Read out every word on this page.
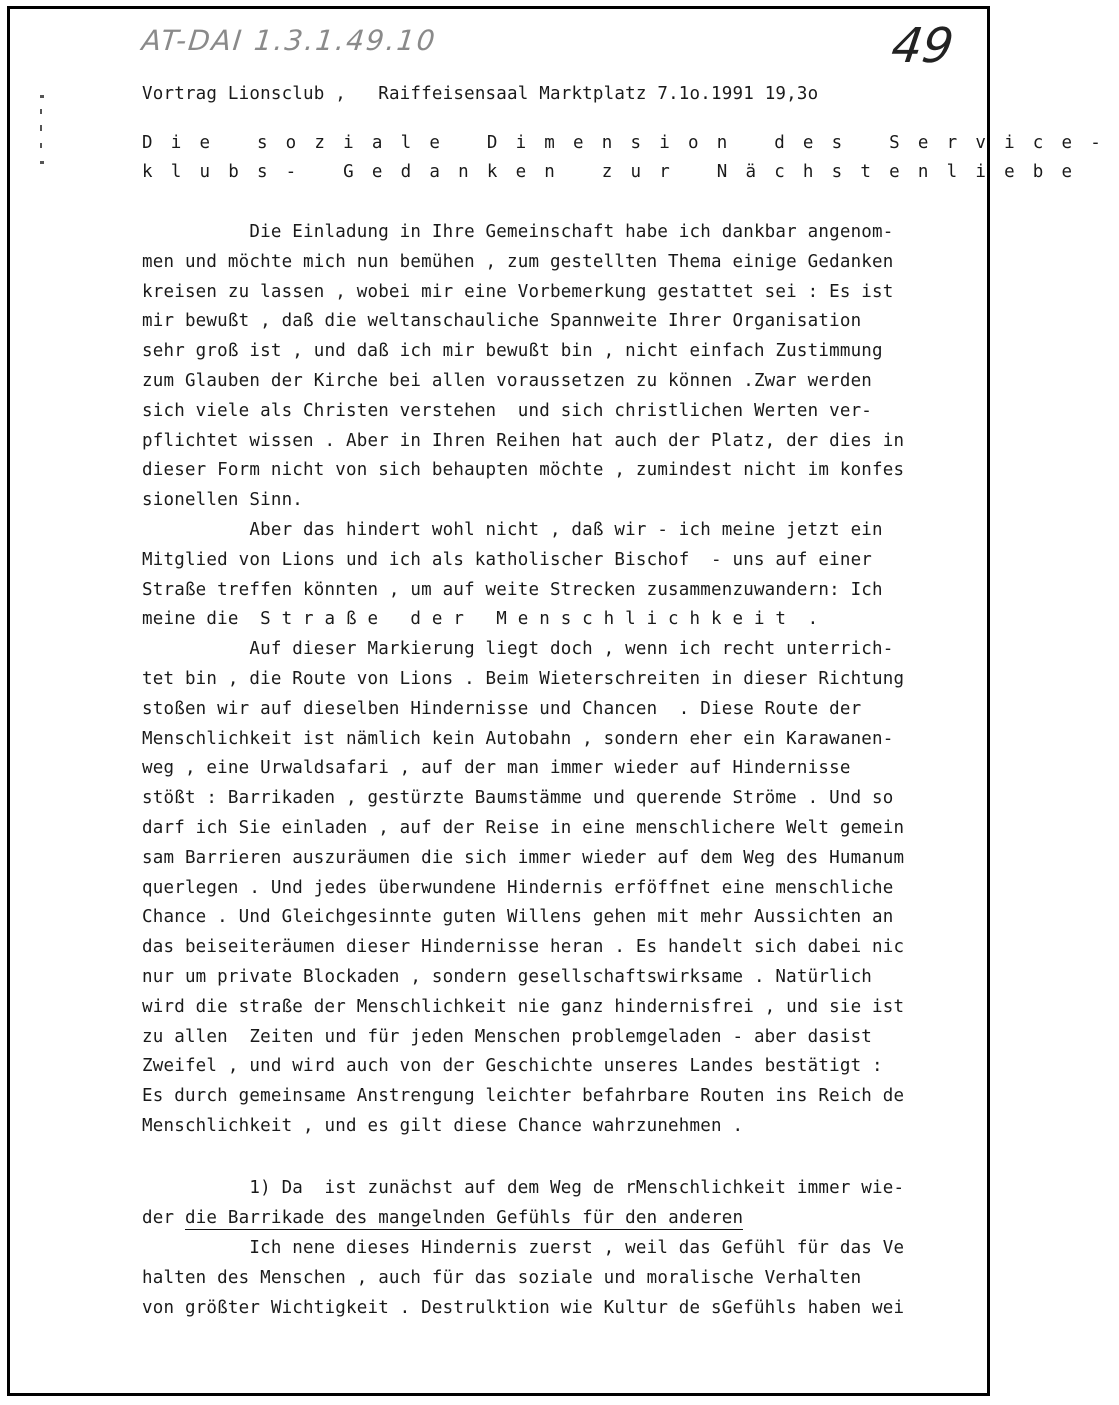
AT-DAI 1.3.1.49.10	49
Vortrag Lionsclub , Raiffeisensaal Marktplatz 7.1o.1991 19,3o
Die soziale Dimension des Service-
klubs- Gedanken zur Nächstenliebe
Die Einladung in Ihre Gemeinschaft habe ich dankbar angenom-
men und möchte mich nun bemühen , zum gestellten Thema einige Gedanken
kreisen zu lassen , wobei mir eine Vorbemerkung gestattet sei : Es ist
mir bewußt , daß die weltanschauliche Spannweite Ihrer Organisation
sehr groß ist , und daß ich mir bewußt bin , nicht einfach Zustimmung
zum Glauben der Kirche bei allen voraussetzen zu können .Zwar werden
sich viele als Christen verstehen  und sich christlichen Werten ver-
pflichtet wissen . Aber in Ihren Reihen hat auch der Platz, der dies in
dieser Form nicht von sich behaupten möchte , zumindest nicht im konfes
sionellen Sinn.
Aber das hindert wohl nicht , daß wir - ich meine jetzt ein
Mitglied von Lions und ich als katholischer Bischof  - uns auf einer
Straße treffen könnten , um auf weite Strecken zusammenzuwandern: Ich
meine die  S t r a ß e   d e r   M e n s c h l i c h k e i t  .
Auf dieser Markierung liegt doch , wenn ich recht unterrich-
tet bin , die Route von Lions . Beim Wieterschreiten in dieser Richtung
stoßen wir auf dieselben Hindernisse und Chancen  . Diese Route der
Menschlichkeit ist nämlich kein Autobahn , sondern eher ein Karawanen-
weg , eine Urwaldsafari , auf der man immer wieder auf Hindernisse
stößt : Barrikaden , gestürzte Baumstämme und querende Ströme . Und so
darf ich Sie einladen , auf der Reise in eine menschlichere Welt gemein
sam Barrieren auszuräumen die sich immer wieder auf dem Weg des Humanum
querlegen . Und jedes überwundene Hindernis erföffnet eine menschliche
Chance . Und Gleichgesinnte guten Willens gehen mit mehr Aussichten an
das beiseiteräumen dieser Hindernisse heran . Es handelt sich dabei nic
nur um private Blockaden , sondern gesellschaftswirksame . Natürlich
wird die straße der Menschlichkeit nie ganz hindernisfrei , und sie ist
zu allen  Zeiten und für jeden Menschen problemgeladen - aber dasist
Zweifel , und wird auch von der Geschichte unseres Landes bestätigt :
Es durch gemeinsame Anstrengung leichter befahrbare Routen ins Reich de
Menschlichkeit , und es gilt diese Chance wahrzunehmen .
1) Da  ist zunächst auf dem Weg de rMenschlichkeit immer wie-
der die Barrikade des mangelnden Gefühls für den anderen
Ich nene dieses Hindernis zuerst , weil das Gefühl für das Ve
halten des Menschen , auch für das soziale und moralische Verhalten
von größter Wichtigkeit . Destrulktion wie Kultur de sGefühls haben wei
